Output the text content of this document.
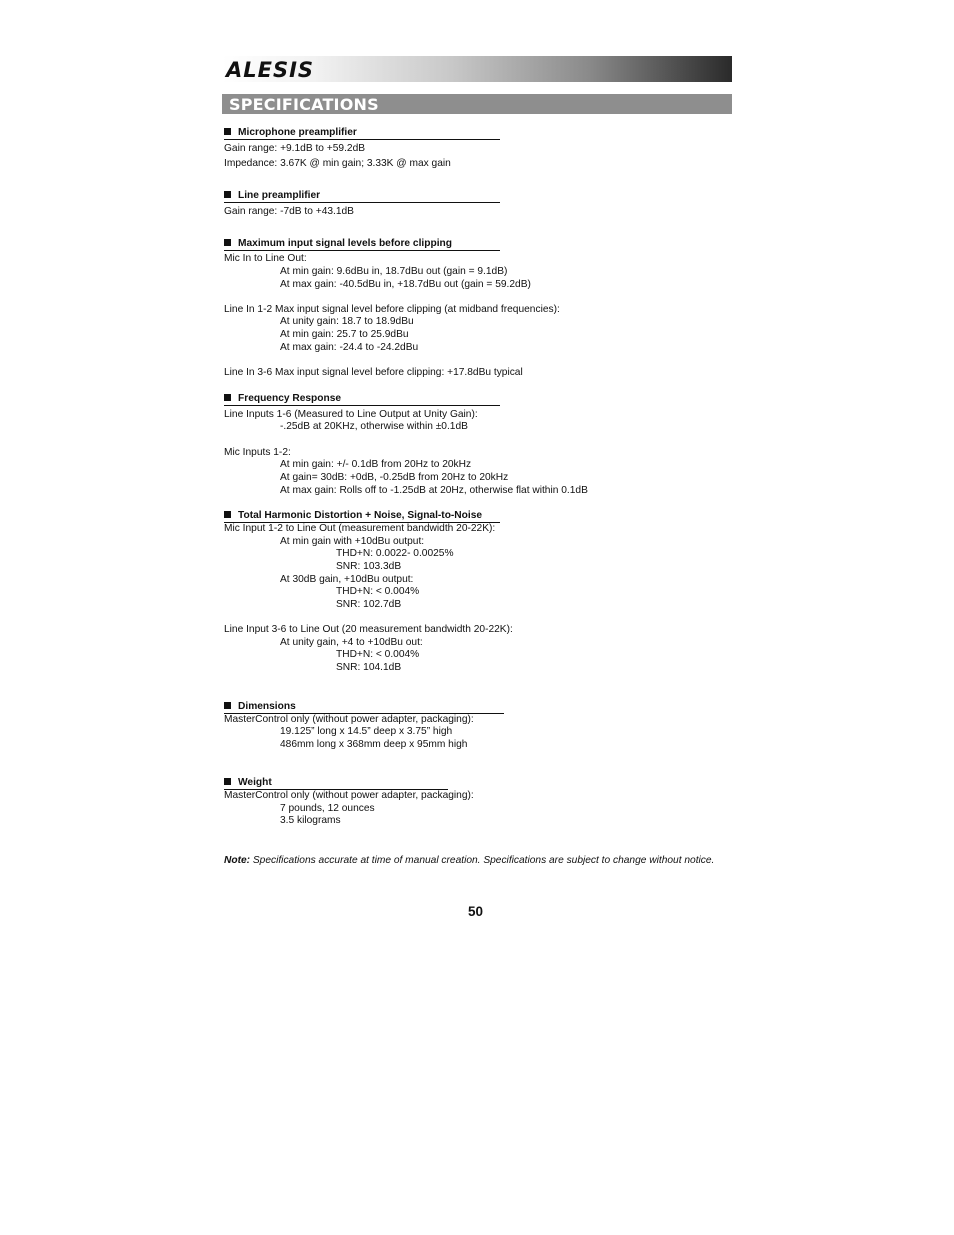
ALESIS
SPECIFICATIONS
Microphone preamplifier
Gain range: +9.1dB to +59.2dB
Impedance: 3.67K @ min gain; 3.33K @ max gain
Line preamplifier
Gain range: -7dB to +43.1dB
Maximum input signal levels before clipping
Mic In to Line Out:
At min gain: 9.6dBu in, 18.7dBu out (gain = 9.1dB)
At max gain: -40.5dBu in, +18.7dBu out (gain = 59.2dB)
Line In 1-2 Max input signal level before clipping (at midband frequencies):
At unity gain: 18.7 to 18.9dBu
At min gain: 25.7 to 25.9dBu
At max gain: -24.4 to -24.2dBu
Line In 3-6 Max input signal level before clipping: +17.8dBu typical
Frequency Response
Line Inputs 1-6 (Measured to Line Output at Unity Gain):
-.25dB at 20KHz, otherwise within ±0.1dB
Mic Inputs 1-2:
At min gain: +/- 0.1dB from 20Hz to 20kHz
At gain= 30dB: +0dB, -0.25dB from 20Hz to 20kHz
At max gain: Rolls off to -1.25dB at 20Hz, otherwise flat within 0.1dB
Total Harmonic Distortion + Noise, Signal-to-Noise
Mic Input 1-2 to Line Out (measurement bandwidth 20-22K):
At min gain with +10dBu output:
THD+N: 0.0022- 0.0025%
SNR: 103.3dB
At 30dB gain, +10dBu output:
THD+N: < 0.004%
SNR: 102.7dB
Line Input 3-6 to Line Out (20 measurement bandwidth 20-22K):
At unity gain, +4 to +10dBu out:
THD+N: < 0.004%
SNR: 104.1dB
Dimensions
MasterControl only (without power adapter, packaging):
19.125” long x 14.5” deep x 3.75” high
486mm long x 368mm deep x 95mm high
Weight
MasterControl only (without power adapter, packaging):
7 pounds, 12 ounces
3.5 kilograms
Note: Specifications accurate at time of manual creation. Specifications are subject to change without notice.
50
